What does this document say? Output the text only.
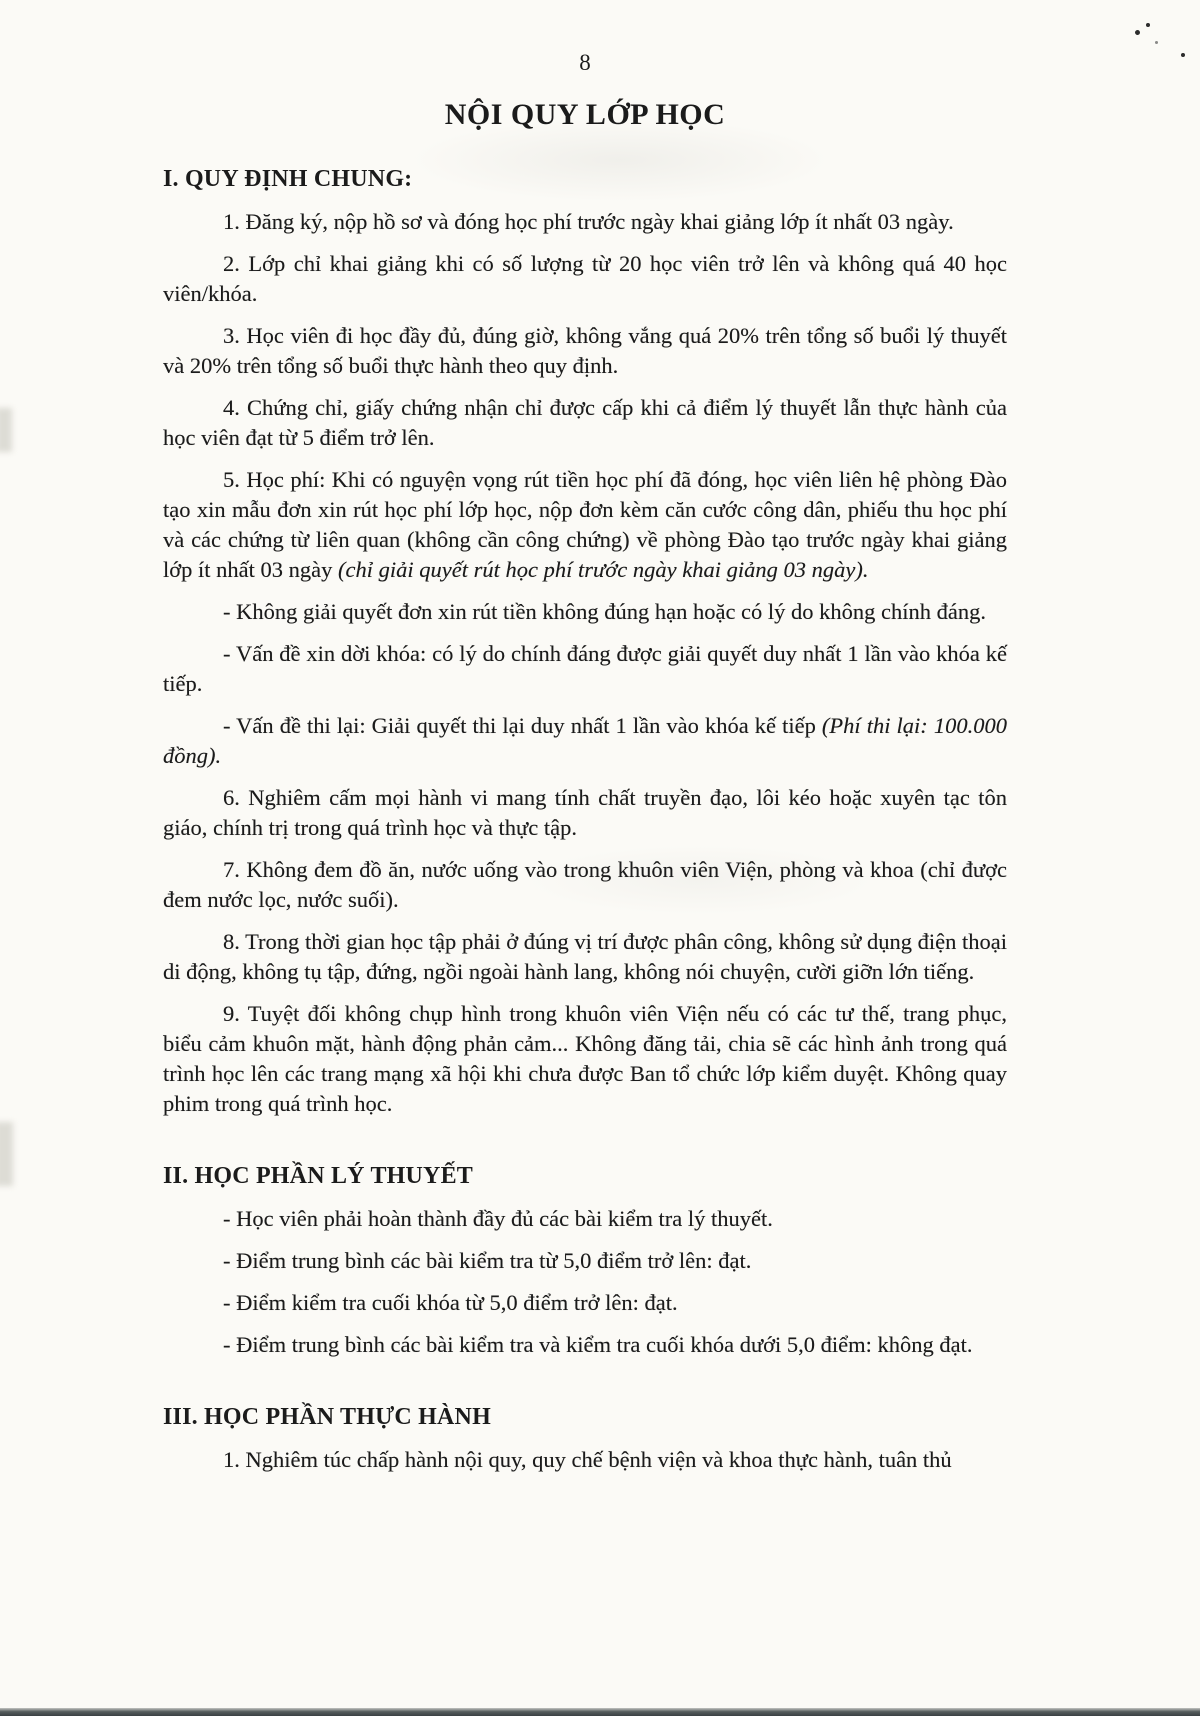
8
NỘI QUY LỚP HỌC
I. QUY ĐỊNH CHUNG:

1. Đăng ký, nộp hồ sơ và đóng học phí trước ngày khai giảng lớp ít nhất 03 ngày.

2. Lớp chỉ khai giảng khi có số lượng từ 20 học viên trở lên và không quá 40 học viên/khóa.

3. Học viên đi học đầy đủ, đúng giờ, không vắng quá 20% trên tổng số buổi lý thuyết và 20% trên tổng số buổi thực hành theo quy định.

4. Chứng chỉ, giấy chứng nhận chỉ được cấp khi cả điểm lý thuyết lẫn thực hành của học viên đạt từ 5 điểm trở lên.

5. Học phí: Khi có nguyện vọng rút tiền học phí đã đóng, học viên liên hệ phòng Đào tạo xin mẫu đơn xin rút học phí lớp học, nộp đơn kèm căn cước công dân, phiếu thu học phí và các chứng từ liên quan (không cần công chứng) về phòng Đào tạo trước ngày khai giảng lớp ít nhất 03 ngày (chỉ giải quyết rút học phí trước ngày khai giảng 03 ngày).

- Không giải quyết đơn xin rút tiền không đúng hạn hoặc có lý do không chính đáng.

- Vấn đề xin dời khóa: có lý do chính đáng được giải quyết duy nhất 1 lần vào khóa kế tiếp.

- Vấn đề thi lại: Giải quyết thi lại duy nhất 1 lần vào khóa kế tiếp (Phí thi lại: 100.000 đồng).

6. Nghiêm cấm mọi hành vi mang tính chất truyền đạo, lôi kéo hoặc xuyên tạc tôn giáo, chính trị trong quá trình học và thực tập.

7. Không đem đồ ăn, nước uống vào trong khuôn viên Viện, phòng và khoa (chỉ được đem nước lọc, nước suối).

8. Trong thời gian học tập phải ở đúng vị trí được phân công, không sử dụng điện thoại di động, không tụ tập, đứng, ngồi ngoài hành lang, không nói chuyện, cười giỡn lớn tiếng.

9. Tuyệt đối không chụp hình trong khuôn viên Viện nếu có các tư thế, trang phục, biểu cảm khuôn mặt, hành động phản cảm... Không đăng tải, chia sẽ các hình ảnh trong quá trình học lên các trang mạng xã hội khi chưa được Ban tổ chức lớp kiểm duyệt. Không quay phim trong quá trình học.

II. HỌC PHẦN LÝ THUYẾT

- Học viên phải hoàn thành đầy đủ các bài kiểm tra lý thuyết.

- Điểm trung bình các bài kiểm tra từ 5,0 điểm trở lên: đạt.

- Điểm kiểm tra cuối khóa từ 5,0 điểm trở lên: đạt.

- Điểm trung bình các bài kiểm tra và kiểm tra cuối khóa dưới 5,0 điểm: không đạt.

III. HỌC PHẦN THỰC HÀNH

1. Nghiêm túc chấp hành nội quy, quy chế bệnh viện và khoa thực hành, tuân thủ
